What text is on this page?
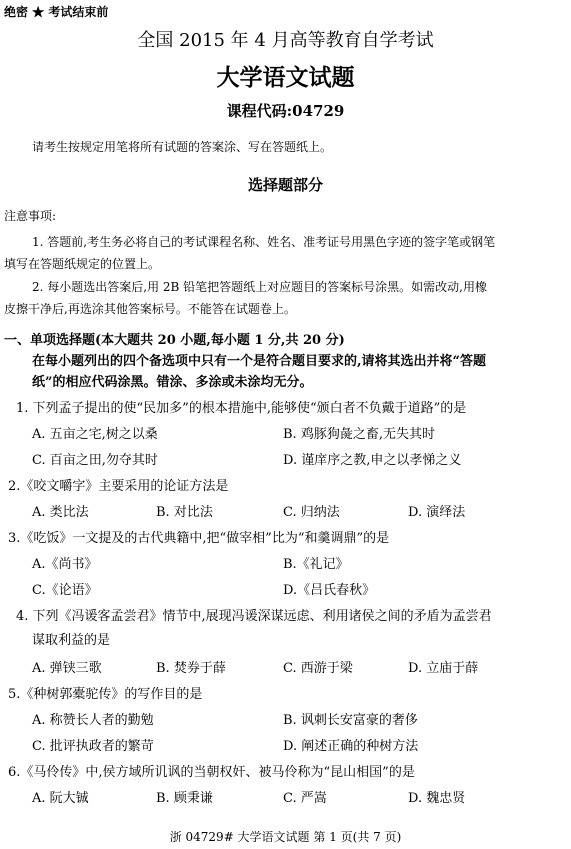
绝密 ★ 考试结束前
全国 2015 年 4 月高等教育自学考试
大学语文试题
课程代码:04729
请考生按规定用笔将所有试题的答案涂、写在答题纸上。
选择题部分
注意事项:
1. 答题前,考生务必将自己的考试课程名称、姓名、准考证号用黑色字迹的签字笔或钢笔
填写在答题纸规定的位置上。
2. 每小题选出答案后,用 2B 铅笔把答题纸上对应题目的答案标号涂黑。如需改动,用橡
皮擦干净后,再选涂其他答案标号。不能答在试题卷上。
一、单项选择题(本大题共 20 小题,每小题 1 分,共 20 分)
在每小题列出的四个备选项中只有一个是符合题目要求的,请将其选出并将“答题
纸”的相应代码涂黑。错涂、多涂或未涂均无分。
1. 下列孟子提出的使“民加多”的根本措施中,能够使“颁白者不负戴于道路”的是
A. 五亩之宅,树之以桑	B. 鸡豚狗彘之畜,无失其时
C. 百亩之田,勿夺其时	D. 谨庠序之教,申之以孝悌之义
2.《咬文嚼字》主要采用的论证方法是
A. 类比法	B. 对比法	C. 归纳法	D. 演绎法
3.《吃饭》一文提及的古代典籍中,把“做宰相”比为“和羹调鼎”的是
A.《尚书》	B.《礼记》
C.《论语》	D.《吕氏春秋》
4. 下列《冯谖客孟尝君》情节中,展现冯谖深谋远虑、利用诸侯之间的矛盾为孟尝君
谋取利益的是
A. 弹铗三歌	B. 焚券于薛	C. 西游于梁	D. 立庙于薛
5.《种树郭橐驼传》的写作目的是
A. 称赞长人者的勤勉	B. 讽刺长安富豪的奢侈
C. 批评执政者的繁苛	D. 阐述正确的种树方法
6.《马伶传》中,侯方域所讥讽的当朝权奸、被马伶称为“昆山相国”的是
A. 阮大铖	B. 顾秉谦	C. 严嵩	D. 魏忠贤
浙 04729# 大学语文试题 第 1 页(共 7 页)
